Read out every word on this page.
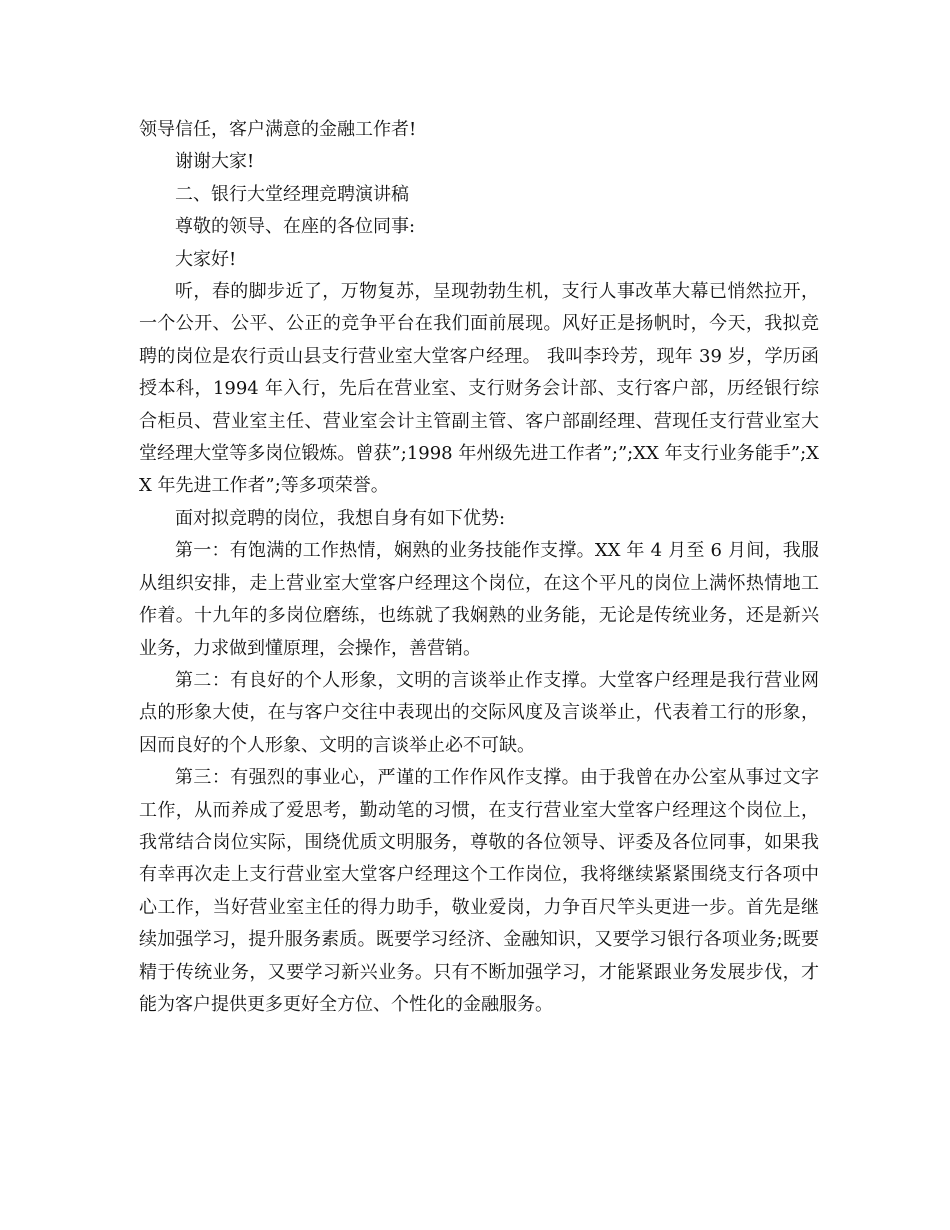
领导信任，客户满意的金融工作者!

谢谢大家!

二、银行大堂经理竞聘演讲稿

尊敬的领导、在座的各位同事:

大家好!

听，春的脚步近了，万物复苏，呈现勃勃生机，支行人事改革大幕已悄然拉开，一个公开、公平、公正的竞争平台在我们面前展现。风好正是扬帆时，今天，我拟竞聘的岗位是农行贡山县支行营业室大堂客户经理。 我叫李玲芳，现年 39 岁，学历函授本科，1994 年入行，先后在营业室、支行财务会计部、支行客户部，历经银行综合柜员、营业室主任、营业室会计主管副主管、客户部副经理、营现任支行营业室大堂经理大堂等多岗位锻炼。曾获”;1998 年州级先进工作者”;”;XX 年支行业务能手”;XX 年先进工作者”;等多项荣誉。

面对拟竞聘的岗位，我想自身有如下优势:

第一：有饱满的工作热情，娴熟的业务技能作支撑。XX 年 4 月至 6 月间，我服从组织安排，走上营业室大堂客户经理这个岗位，在这个平凡的岗位上满怀热情地工作着。十九年的多岗位磨练，也练就了我娴熟的业务能，无论是传统业务，还是新兴业务，力求做到懂原理，会操作，善营销。

第二：有良好的个人形象，文明的言谈举止作支撑。大堂客户经理是我行营业网点的形象大使，在与客户交往中表现出的交际风度及言谈举止，代表着工行的形象，因而良好的个人形象、文明的言谈举止必不可缺。

第三：有强烈的事业心，严谨的工作作风作支撑。由于我曾在办公室从事过文字工作，从而养成了爱思考，勤动笔的习惯，在支行营业室大堂客户经理这个岗位上，我常结合岗位实际，围绕优质文明服务，尊敬的各位领导、评委及各位同事，如果我有幸再次走上支行营业室大堂客户经理这个工作岗位，我将继续紧紧围绕支行各项中心工作，当好营业室主任的得力助手，敬业爱岗，力争百尺竿头更进一步。首先是继续加强学习，提升服务素质。既要学习经济、金融知识，又要学习银行各项业务;既要精于传统业务，又要学习新兴业务。只有不断加强学习，才能紧跟业务发展步伐，才能为客户提供更多更好全方位、个性化的金融服务。
